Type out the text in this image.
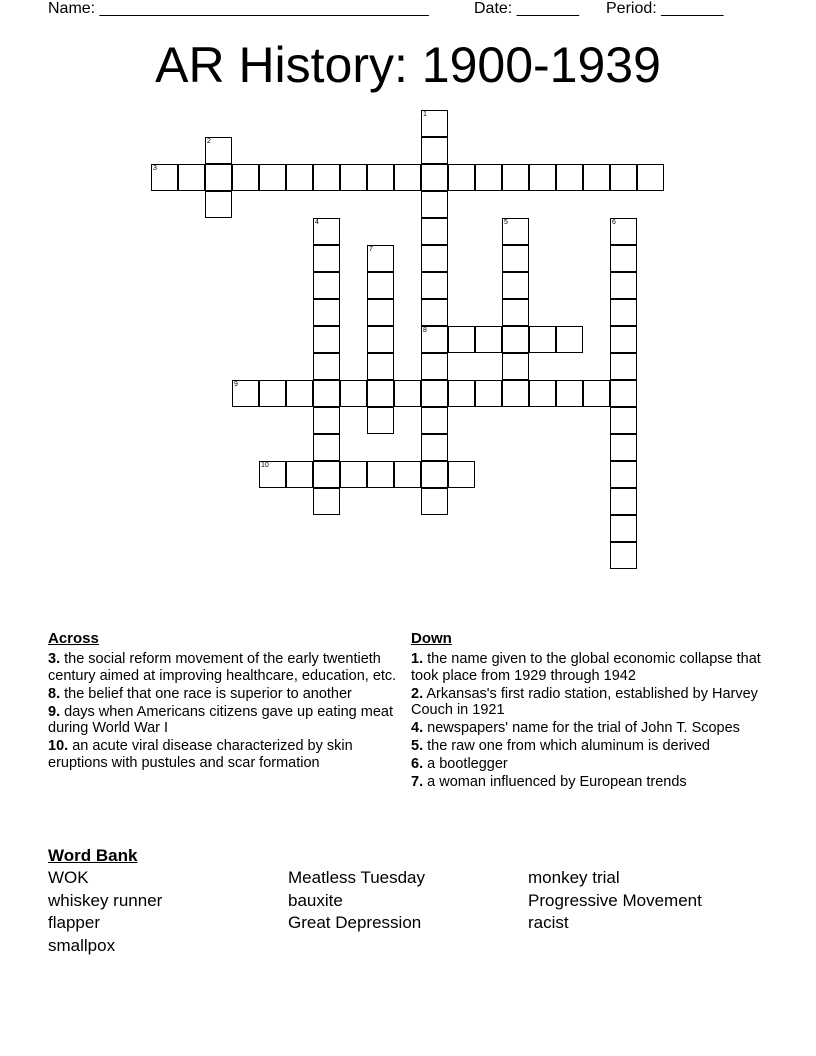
Name: _____________________________________	Date: _______ Period: _______
AR History: 1900-1939
1
8
2
3
4	5	6
7
9
10
Across
3. the social reform movement of the early twentieth century aimed at improving healthcare, education, etc.
8. the belief that one race is superior to another
9. days when Americans citizens gave up eating meat during World War I
10. an acute viral disease characterized by skin eruptions with pustules and scar formation
Down
1. the name given to the global economic collapse that took place from 1929 through 1942
2. Arkansas's first radio station, established by Harvey Couch in 1921
4. newspapers' name for the trial of John T. Scopes
5. the raw one from which aluminum is derived
6. a bootlegger
7. a woman influenced by European trends
Word Bank
WOK
whiskey runner
flapper
smallpox
Meatless Tuesday
bauxite
Great Depression
monkey trial
Progressive Movement
racist
